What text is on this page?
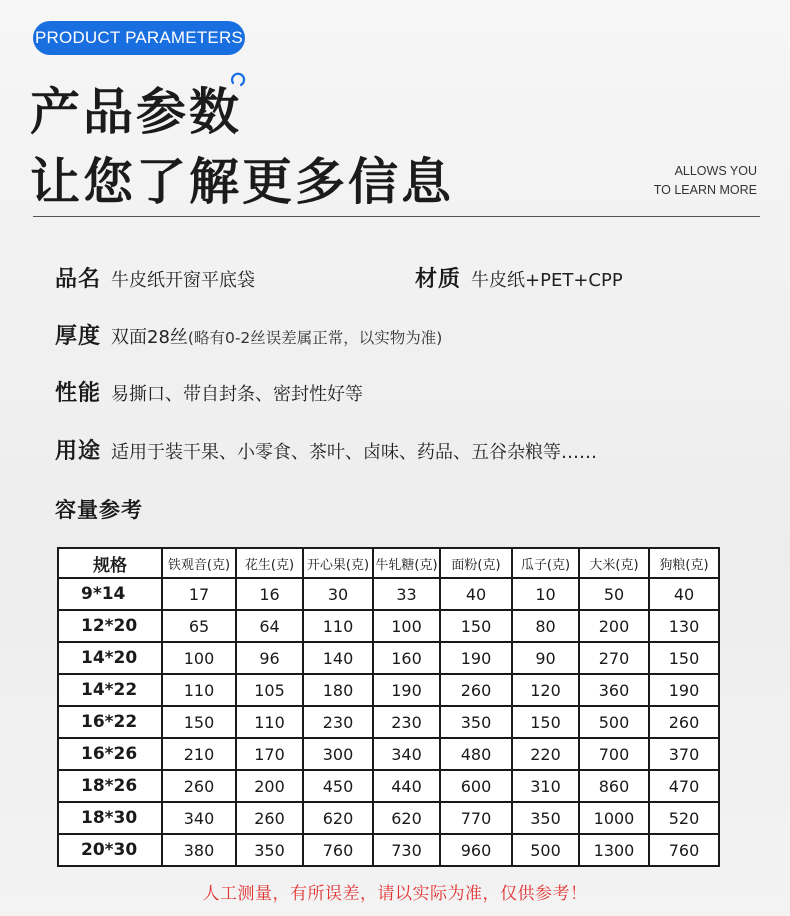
PRODUCT PARAMETERS
产品参数
让您了解更多信息	ALLOWS YOU
TO LEARN MORE
品名 牛皮纸开窗平底袋	材质 牛皮纸+PET+CPP
厚度 双面28丝(略有0-2丝误差属正常，以实物为准)
性能 易撕口、带自封条、密封性好等
用途 适用于装干果、小零食、茶叶、卤味、药品、五谷杂粮等……
容量参考
规格	铁观音(克)	花生(克)	开心果(克)	牛轧糖(克)	面粉(克)	瓜子(克)	大米(克)	狗粮(克)
9*14	17	16	30	33	40	10	50	40
12*20	65	64	110	100	150	80	200	130
14*20	100	96	140	160	190	90	270	150
14*22	110	105	180	190	260	120	360	190
16*22	150	110	230	230	350	150	500	260
16*26	210	170	300	340	480	220	700	370
18*26	260	200	450	440	600	310	860	470
18*30	340	260	620	620	770	350	1000	520
20*30	380	350	760	730	960	500	1300	760
人工测量，有所误差，请以实际为准，仅供参考！
